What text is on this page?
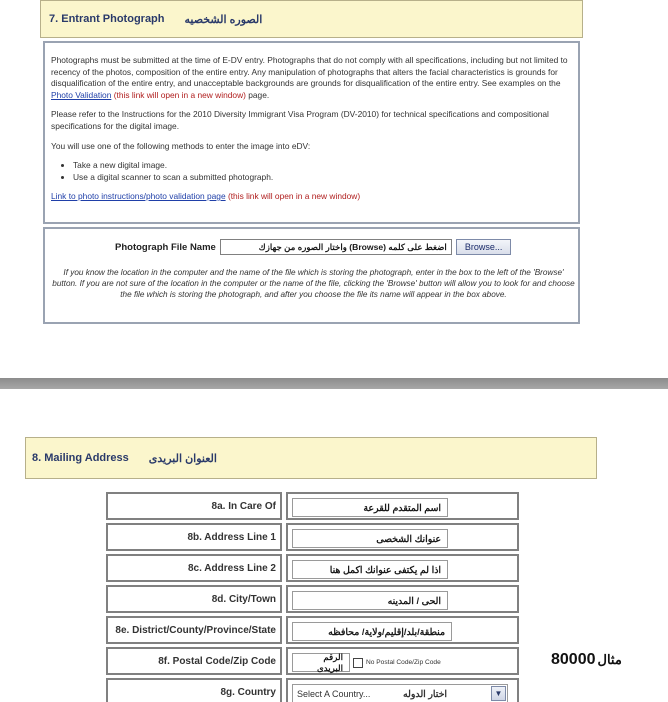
7. Entrant Photograph الصوره الشخصيه

Photographs must be submitted at the time of E-DV entry. Photographs that do not comply with all specifications, including but not limited to recency of the photos, composition of the entire entry. Any manipulation of photographs that alters the facial characteristics is grounds for disqualification of the entire entry, and unacceptable backgrounds are grounds for disqualification of the entire entry. See examples on the Photo Validation (this link will open in a new window) page.

Please refer to the Instructions for the 2010 Diversity Immigrant Visa Program (DV-2010) for technical specifications and compositional specifications for the digital image.

You will use one of the following methods to enter the image into eDV:

• Take a new digital image.
• Use a digital scanner to scan a submitted photograph.

Link to photo instructions/photo validation page (this link will open in a new window)

Photograph File Name	اضغط على كلمه (Browse) واختار الصوره من جهازك	Browse...
If you know the location in the computer and the name of the file which is storing the photograph, enter in the box to the left of the 'Browse' button. If you are not sure of the location in the computer or the name of the file, clicking the 'Browse' button will allow you to look for and choose the file which is storing the photograph, and after you choose the file its name will appear in the box above.
8. Mailing Address العنوان البريدى
8a. In Care Of	اسم المتقدم للقرعة
8b. Address Line 1	عنوانك الشخصى
8c. Address Line 2	اذا لم يكتفى عنوانك اكمل هنا
8d. City/Town	الحى / المدينه
8e. District/County/Province/State	منطقة/بلد/إقليم/ولاية/ محافظه
8f. Postal Code/Zip Code	الرقم البريدى	No Postal Code/Zip Code	80000 مثال
8g. Country	Select A Country...	اختار الدوله	▼
